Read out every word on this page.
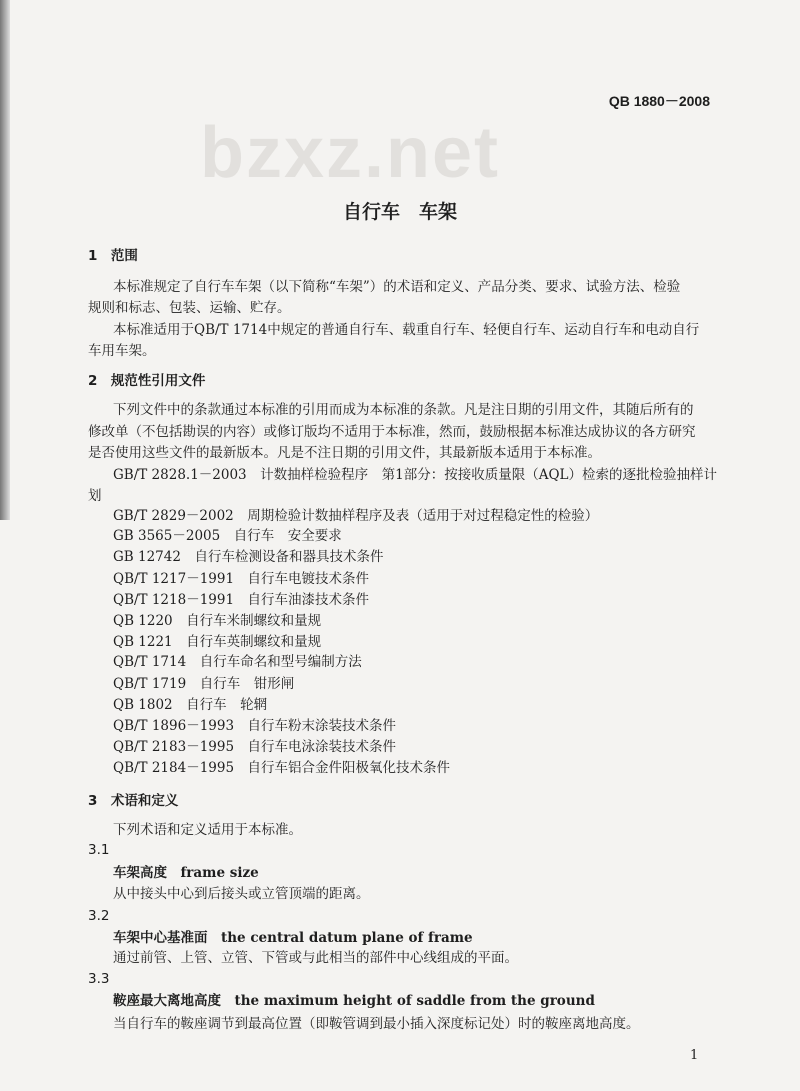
bzxz.net
QB 1880－2008
自行车　车架
1　范围
本标准规定了自行车车架（以下简称“车架”）的术语和定义、产品分类、要求、试验方法、检验
规则和标志、包装、运输、贮存。
本标准适用于QB/T 1714中规定的普通自行车、载重自行车、轻便自行车、运动自行车和电动自行
车用车架。
2　规范性引用文件
下列文件中的条款通过本标准的引用而成为本标准的条款。凡是注日期的引用文件，其随后所有的
修改单（不包括勘误的内容）或修订版均不适用于本标准，然而，鼓励根据本标准达成协议的各方研究
是否使用这些文件的最新版本。凡是不注日期的引用文件，其最新版本适用于本标准。
GB/T 2828.1－2003　计数抽样检验程序　第1部分：按接收质量限（AQL）检索的逐批检验抽样计
划
GB/T 2829－2002　周期检验计数抽样程序及表（适用于对过程稳定性的检验）
GB 3565－2005　自行车　安全要求
GB 12742　自行车检测设备和器具技术条件
QB/T 1217－1991　自行车电镀技术条件
QB/T 1218－1991　自行车油漆技术条件
QB 1220　自行车米制螺纹和量规
QB 1221　自行车英制螺纹和量规
QB/T 1714　自行车命名和型号编制方法
QB/T 1719　自行车　钳形闸
QB 1802　自行车　轮辋
QB/T 1896－1993　自行车粉末涂装技术条件
QB/T 2183－1995　自行车电泳涂装技术条件
QB/T 2184－1995　自行车铝合金件阳极氧化技术条件
3　术语和定义
下列术语和定义适用于本标准。
3.1
车架高度　frame size
从中接头中心到后接头或立管顶端的距离。
3.2
车架中心基准面　the central datum plane of frame
通过前管、上管、立管、下管或与此相当的部件中心线组成的平面。
3.3
鞍座最大离地高度　the maximum height of saddle from the ground
当自行车的鞍座调节到最高位置（即鞍管调到最小插入深度标记处）时的鞍座离地高度。
1
